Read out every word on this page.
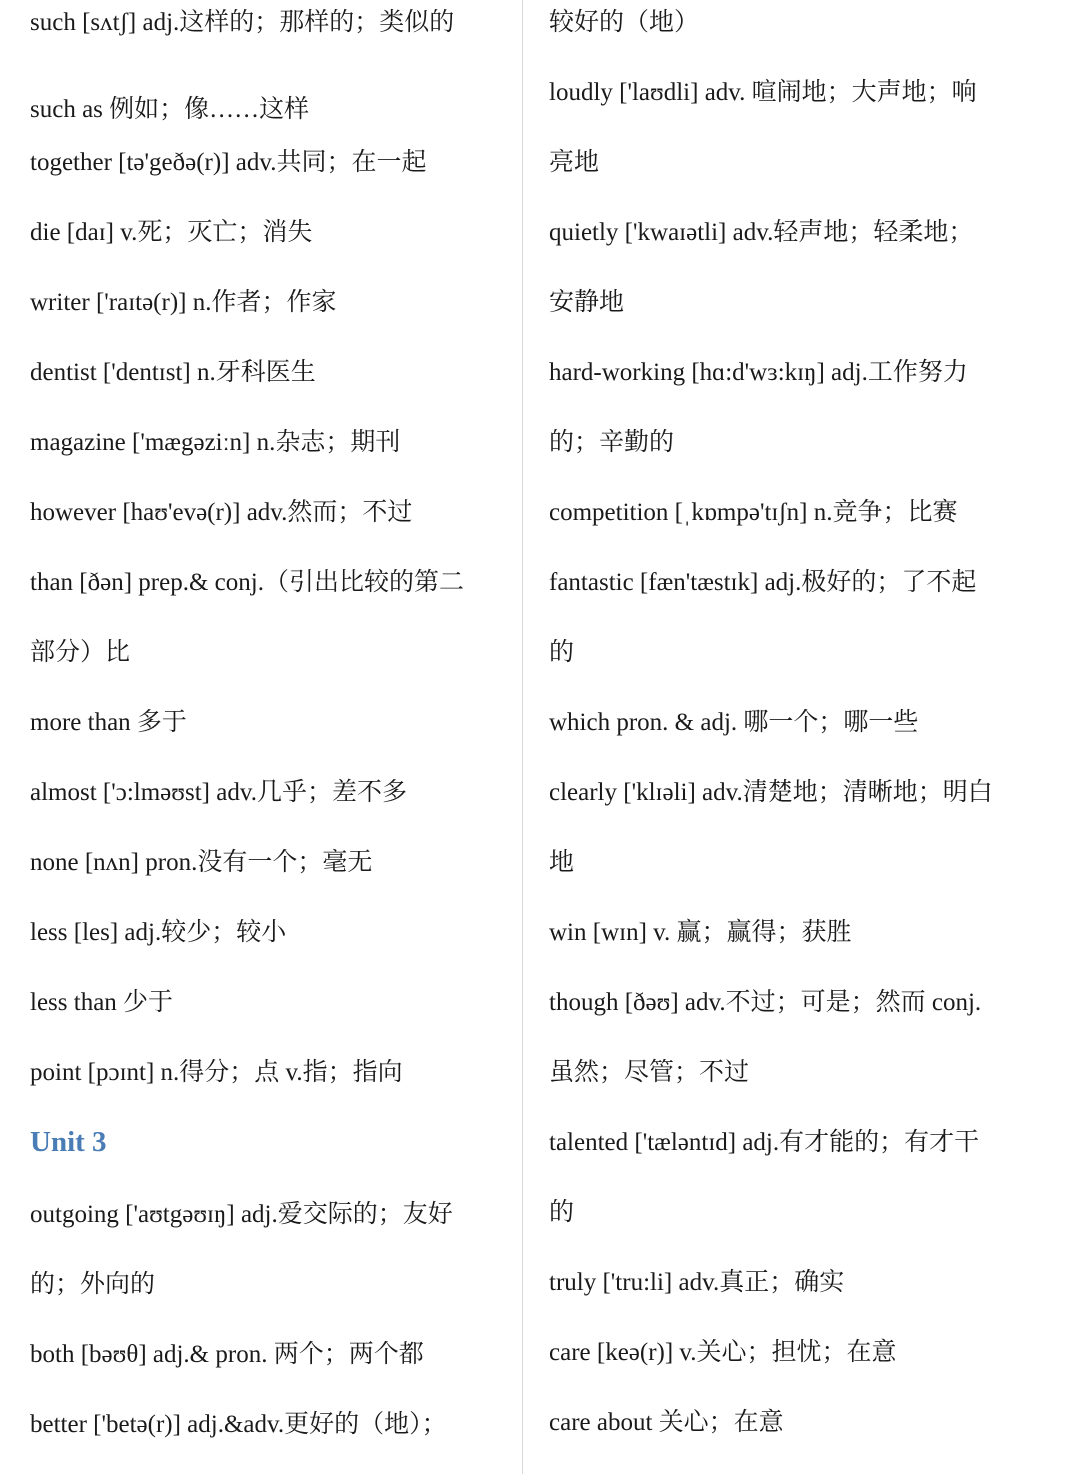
such [sʌtʃ] adj.这样的；那样的；类似的
such as 例如；像……这样
together [tə'geðə(r)] adv.共同；在一起
die [daɪ] v.死；灭亡；消失
writer ['raɪtə(r)] n.作者；作家
dentist ['dentɪst] n.牙科医生
magazine ['mægəziːn] n.杂志；期刊
however [haʊ'evə(r)] adv.然而；不过
than [ðən] prep.& conj.（引出比较的第二
部分）比
more than 多于
almost ['ɔ:lməʊst] adv.几乎；差不多
none [nʌn] pron.没有一个；毫无
less [les] adj.较少；较小
less than 少于
point [pɔɪnt] n.得分；点 v.指；指向
Unit 3
outgoing ['aʊtgəʊɪŋ] adj.爱交际的；友好
的；外向的
both [bəʊθ] adj.& pron. 两个；两个都
better ['betə(r)] adj.&adv.更好的（地）；
较好的（地）
loudly ['laʊdli] adv. 喧闹地；大声地；响
亮地
quietly ['kwaɪətli] adv.轻声地；轻柔地；
安静地
hard-working [hɑ:d'wɜ:kɪŋ] adj.工作努力
的；辛勤的
competition [ˌkɒmpə'tɪʃn] n.竞争；比赛
fantastic [fæn'tæstɪk] adj.极好的；了不起
的
which pron. & adj. 哪一个；哪一些
clearly ['klɪəli] adv.清楚地；清晰地；明白
地
win [wɪn] v. 赢；赢得；获胜
though [ðəʊ] adv.不过；可是；然而 conj.
虽然；尽管；不过
talented ['tæləntɪd] adj.有才能的；有才干
的
truly ['tru:li] adv.真正；确实
care [keə(r)] v.关心；担忧；在意
care about 关心；在意
